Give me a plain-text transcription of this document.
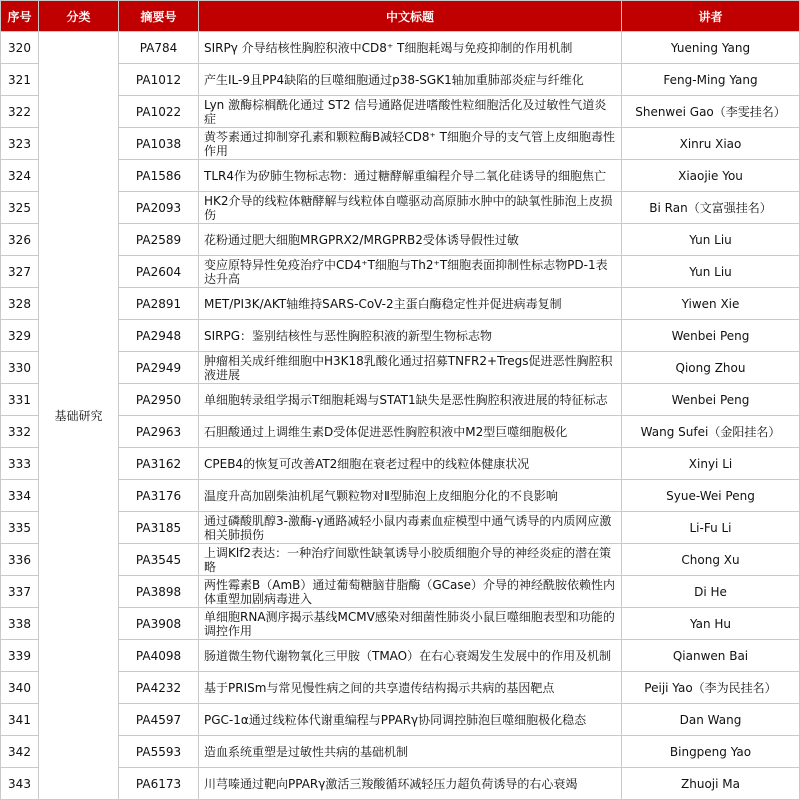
序号	分类	摘要号	中文标题	讲者
320	基础研究	PA784	SIRPγ 介导结核性胸腔积液中CD8⁺ T细胞耗竭与免疫抑制的作用机制	Yuening Yang
321		PA1012	产生IL-9且PP4缺陷的巨噬细胞通过p38-SGK1轴加重肺部炎症与纤维化	Feng-Ming Yang
322		PA1022	Lyn 激酶棕榈酰化通过 ST2 信号通路促进嗜酸性粒细胞活化及过敏性气道炎症	Shenwei Gao（李雯挂名）
323		PA1038	黄芩素通过抑制穿孔素和颗粒酶B减轻CD8⁺ T细胞介导的支气管上皮细胞毒性作用	Xinru Xiao
324		PA1586	TLR4作为矽肺生物标志物：通过糖酵解重编程介导二氧化硅诱导的细胞焦亡	Xiaojie You
325		PA2093	HK2介导的线粒体糖酵解与线粒体自噬驱动高原肺水肿中的缺氧性肺泡上皮损伤	Bi Ran（文富强挂名）
326		PA2589	花粉通过肥大细胞MRGPRX2/MRGPRB2受体诱导假性过敏	Yun Liu
327		PA2604	变应原特异性免疫治疗中CD4⁺T细胞与Th2⁺T细胞表面抑制性标志物PD-1表达升高	Yun Liu
328		PA2891	MET/PI3K/AKT轴维持SARS-CoV-2主蛋白酶稳定性并促进病毒复制	Yiwen Xie
329		PA2948	SIRPG：鉴别结核性与恶性胸腔积液的新型生物标志物	Wenbei Peng
330		PA2949	肿瘤相关成纤维细胞中H3K18乳酸化通过招募TNFR2+Tregs促进恶性胸腔积液进展	Qiong Zhou
331		PA2950	单细胞转录组学揭示T细胞耗竭与STAT1缺失是恶性胸腔积液进展的特征标志	Wenbei Peng
332		PA2963	石胆酸通过上调维生素D受体促进恶性胸腔积液中M2型巨噬细胞极化	Wang Sufei（金阳挂名）
333		PA3162	CPEB4的恢复可改善AT2细胞在衰老过程中的线粒体健康状况	Xinyi Li
334		PA3176	温度升高加剧柴油机尾气颗粒物对Ⅱ型肺泡上皮细胞分化的不良影响	Syue-Wei Peng
335		PA3185	通过磷酸肌醇3-激酶-γ通路减轻小鼠内毒素血症模型中通气诱导的内质网应激相关肺损伤	Li-Fu Li
336		PA3545	上调Klf2表达：一种治疗间歇性缺氧诱导小胶质细胞介导的神经炎症的潜在策略	Chong Xu
337		PA3898	两性霉素B（AmB）通过葡萄糖脑苷脂酶（GCase）介导的神经酰胺依赖性内体重塑加剧病毒进入	Di He
338		PA3908	单细胞RNA测序揭示基线MCMV感染对细菌性肺炎小鼠巨噬细胞表型和功能的调控作用	Yan Hu
339		PA4098	肠道微生物代谢物氧化三甲胺（TMAO）在右心衰竭发生发展中的作用及机制	Qianwen Bai
340		PA4232	基于PRISm与常见慢性病之间的共享遗传结构揭示共病的基因靶点	Peiji Yao（李为民挂名）
341		PA4597	PGC-1α通过线粒体代谢重编程与PPARγ协同调控肺泡巨噬细胞极化稳态	Dan Wang
342		PA5593	造血系统重塑是过敏性共病的基础机制	Bingpeng Yao
343		PA6173	川芎嗪通过靶向PPARγ激活三羧酸循环减轻压力超负荷诱导的右心衰竭	Zhuoji Ma
